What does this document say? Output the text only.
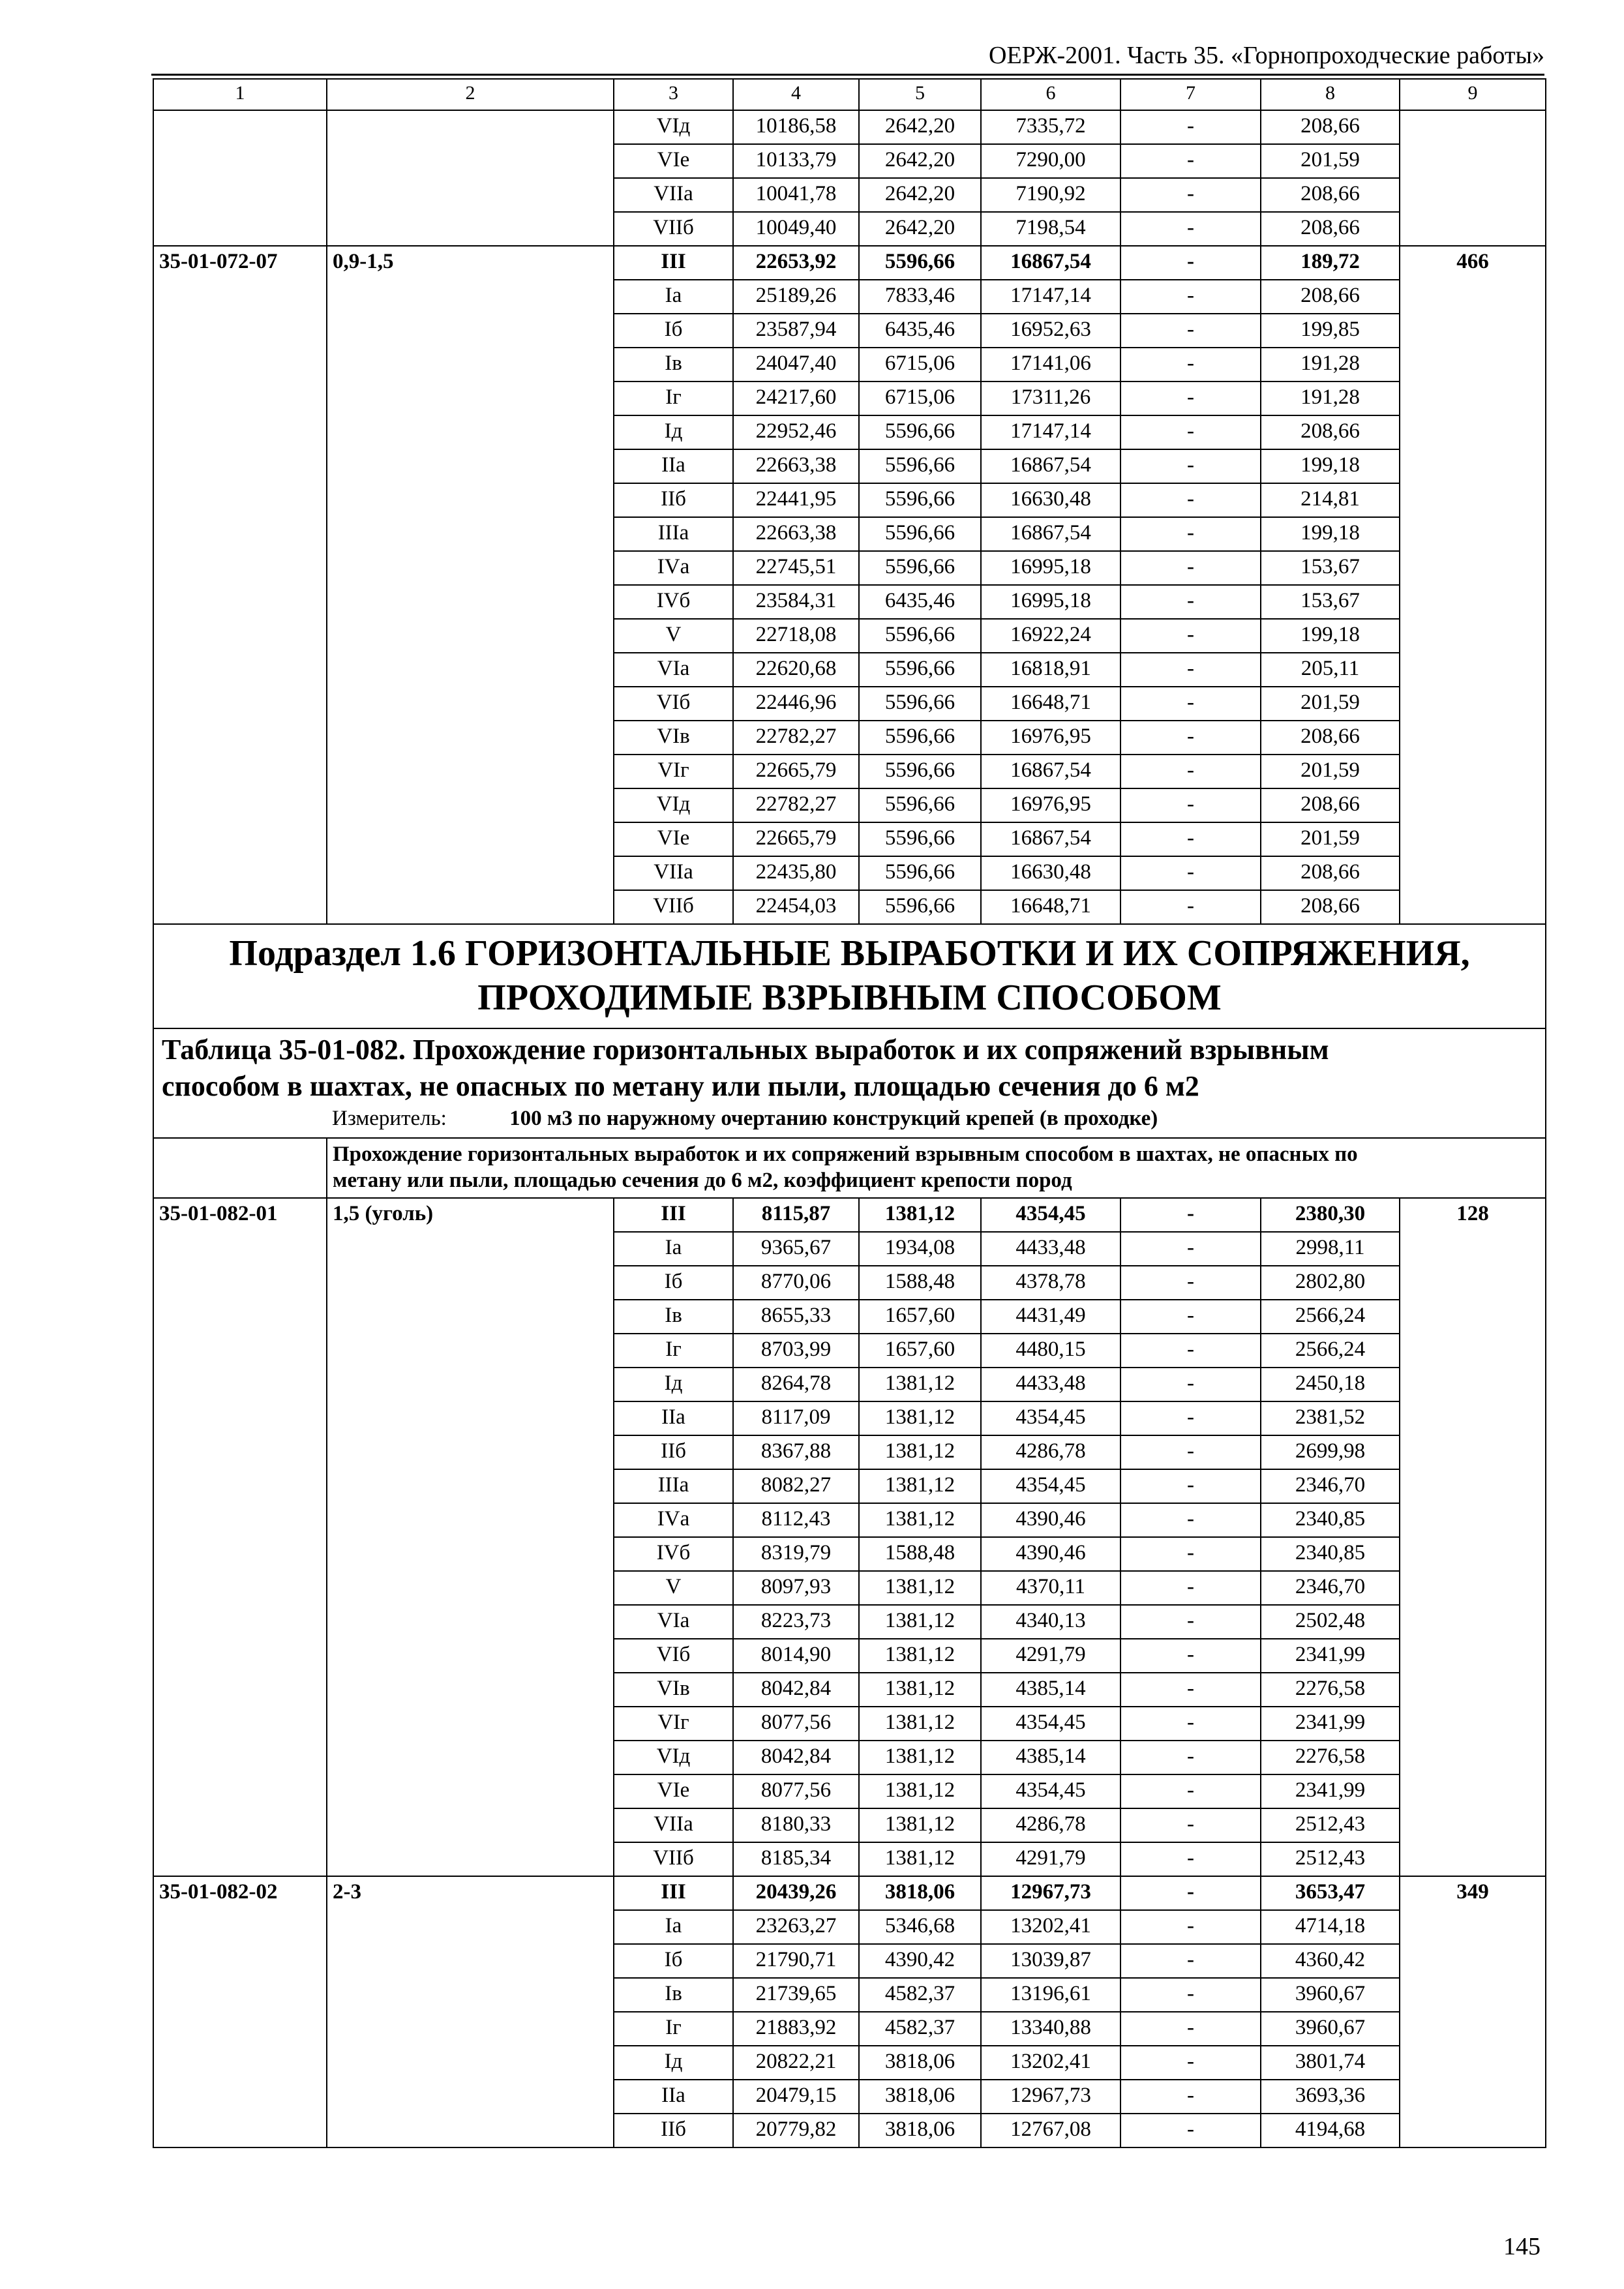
ОЕРЖ-2001. Часть 35. «Горнопроходческие работы»
1	2	3	4	5	6	7	8	9
		VIд	10186,58	2642,20	7335,72	-	208,66	
		VIе	10133,79	2642,20	7290,00	-	201,59	
		VIIа	10041,78	2642,20	7190,92	-	208,66	
		VIIб	10049,40	2642,20	7198,54	-	208,66	
35-01-072-07	0,9-1,5	III	22653,92	5596,66	16867,54	-	189,72	466
		Iа	25189,26	7833,46	17147,14	-	208,66	
		Iб	23587,94	6435,46	16952,63	-	199,85	
		Iв	24047,40	6715,06	17141,06	-	191,28	
		Iг	24217,60	6715,06	17311,26	-	191,28	
		Iд	22952,46	5596,66	17147,14	-	208,66	
		IIа	22663,38	5596,66	16867,54	-	199,18	
		IIб	22441,95	5596,66	16630,48	-	214,81	
		IIIа	22663,38	5596,66	16867,54	-	199,18	
		IVа	22745,51	5596,66	16995,18	-	153,67	
		IVб	23584,31	6435,46	16995,18	-	153,67	
		V	22718,08	5596,66	16922,24	-	199,18	
		VIа	22620,68	5596,66	16818,91	-	205,11	
		VIб	22446,96	5596,66	16648,71	-	201,59	
		VIв	22782,27	5596,66	16976,95	-	208,66	
		VIг	22665,79	5596,66	16867,54	-	201,59	
		VIд	22782,27	5596,66	16976,95	-	208,66	
		VIе	22665,79	5596,66	16867,54	-	201,59	
		VIIа	22435,80	5596,66	16630,48	-	208,66	
		VIIб	22454,03	5596,66	16648,71	-	208,66	

Подраздел 1.6 ГОРИЗОНТАЛЬНЫЕ ВЫРАБОТКИ И ИХ СОПРЯЖЕНИЯ,
ПРОХОДИМЫЕ ВЗРЫВНЫМ СПОСОБОМ								

Таблица 35-01-082. Прохождение горизонтальных выработок и их сопряжений взрывным
способом в шахтах, не опасных по метану или пыли, площадью сечения до 6 м2
Измеритель: 100 м3 по наружному очертанию конструкций крепей (в проходке)								

	Прохождение горизонтальных выработок и их сопряжений взрывным способом в шахтах, не опасных по
метану или пыли, площадью сечения до 6 м2, коэффициент крепости пород							

35-01-082-01	1,5 (уголь)	III	8115,87	1381,12	4354,45	-	2380,30	128
		Iа	9365,67	1934,08	4433,48	-	2998,11	
		Iб	8770,06	1588,48	4378,78	-	2802,80	
		Iв	8655,33	1657,60	4431,49	-	2566,24	
		Iг	8703,99	1657,60	4480,15	-	2566,24	
		Iд	8264,78	1381,12	4433,48	-	2450,18	
		IIа	8117,09	1381,12	4354,45	-	2381,52	
		IIб	8367,88	1381,12	4286,78	-	2699,98	
		IIIа	8082,27	1381,12	4354,45	-	2346,70	
		IVа	8112,43	1381,12	4390,46	-	2340,85	
		IVб	8319,79	1588,48	4390,46	-	2340,85	
		V	8097,93	1381,12	4370,11	-	2346,70	
		VIа	8223,73	1381,12	4340,13	-	2502,48	
		VIб	8014,90	1381,12	4291,79	-	2341,99	
		VIв	8042,84	1381,12	4385,14	-	2276,58	
		VIг	8077,56	1381,12	4354,45	-	2341,99	
		VIд	8042,84	1381,12	4385,14	-	2276,58	
		VIе	8077,56	1381,12	4354,45	-	2341,99	
		VIIа	8180,33	1381,12	4286,78	-	2512,43	
		VIIб	8185,34	1381,12	4291,79	-	2512,43	
35-01-082-02	2-3	III	20439,26	3818,06	12967,73	-	3653,47	349
		Iа	23263,27	5346,68	13202,41	-	4714,18	
		Iб	21790,71	4390,42	13039,87	-	4360,42	
		Iв	21739,65	4582,37	13196,61	-	3960,67	
		Iг	21883,92	4582,37	13340,88	-	3960,67	
		Iд	20822,21	3818,06	13202,41	-	3801,74	
		IIа	20479,15	3818,06	12967,73	-	3693,36	
		IIб	20779,82	3818,06	12767,08	-	4194,68	
145
